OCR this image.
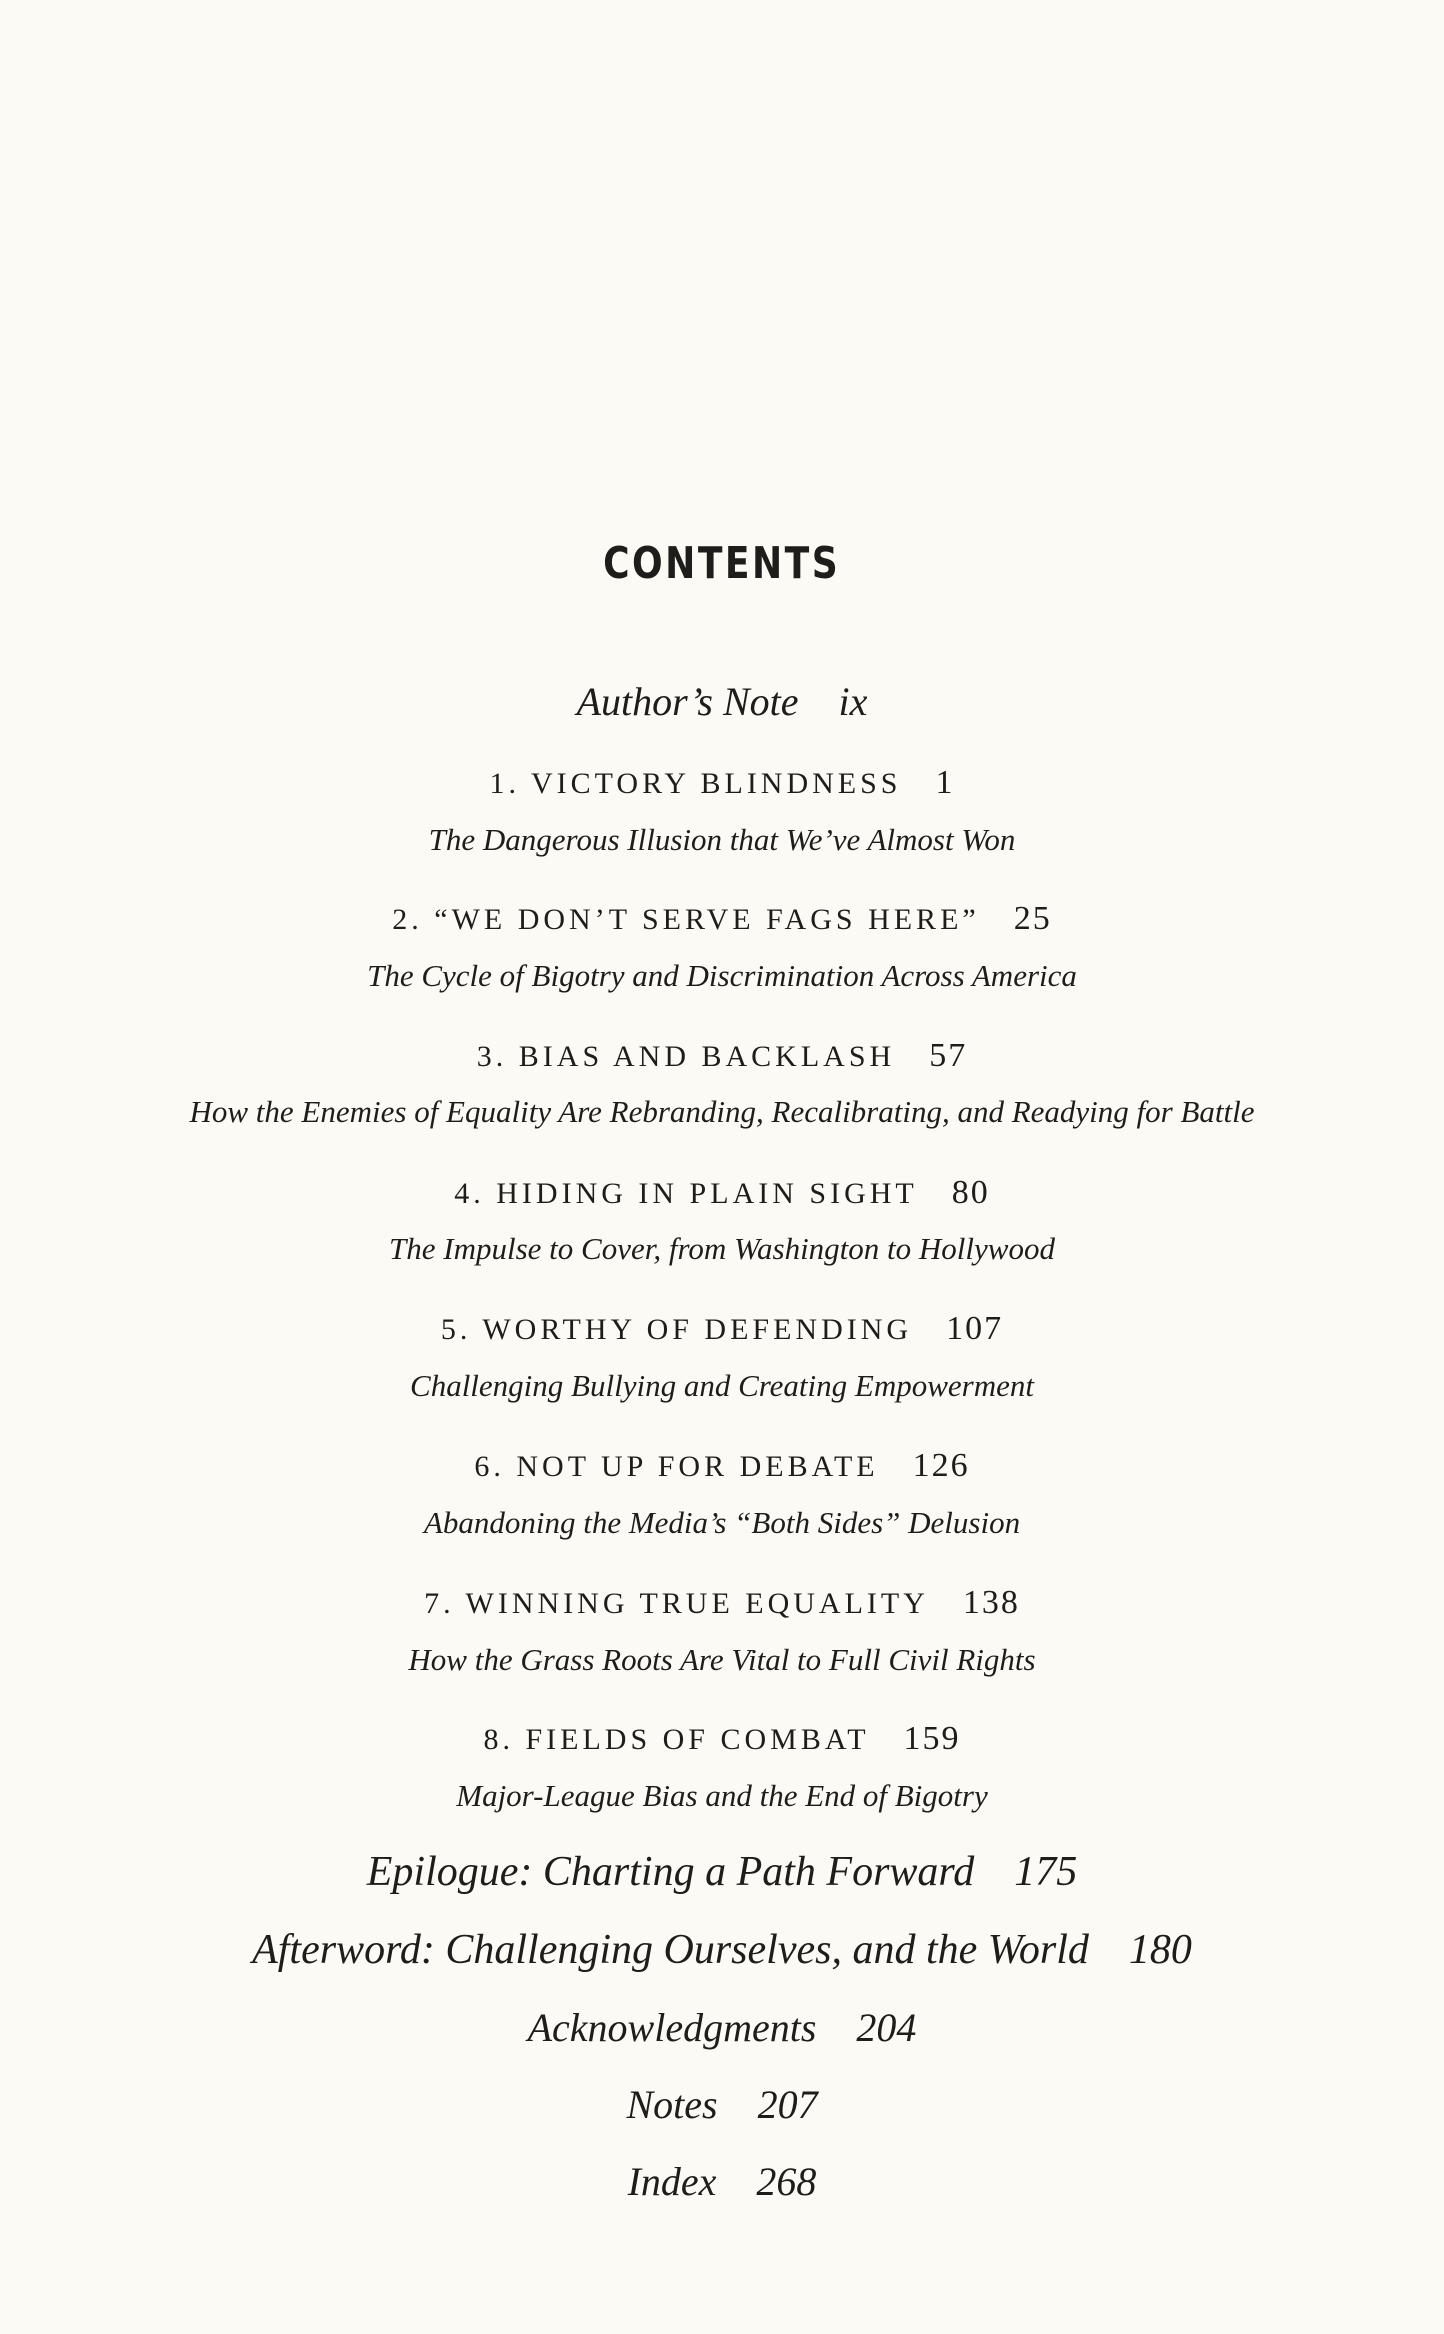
CONTENTS
Author’s Note ix
1. VICTORY BLINDNESS 1
The Dangerous Illusion that We’ve Almost Won
2. “WE DON’T SERVE FAGS HERE” 25
The Cycle of Bigotry and Discrimination Across America
3. BIAS AND BACKLASH 57
How the Enemies of Equality Are Rebranding, Recalibrating, and Readying for Battle
4. HIDING IN PLAIN SIGHT 80
The Impulse to Cover, from Washington to Hollywood
5. WORTHY OF DEFENDING 107
Challenging Bullying and Creating Empowerment
6. NOT UP FOR DEBATE 126
Abandoning the Media’s “Both Sides” Delusion
7. WINNING TRUE EQUALITY 138
How the Grass Roots Are Vital to Full Civil Rights
8. FIELDS OF COMBAT 159
Major-League Bias and the End of Bigotry
Epilogue: Charting a Path Forward 175
Afterword: Challenging Ourselves, and the World 180
Acknowledgments 204
Notes 207
Index 268
